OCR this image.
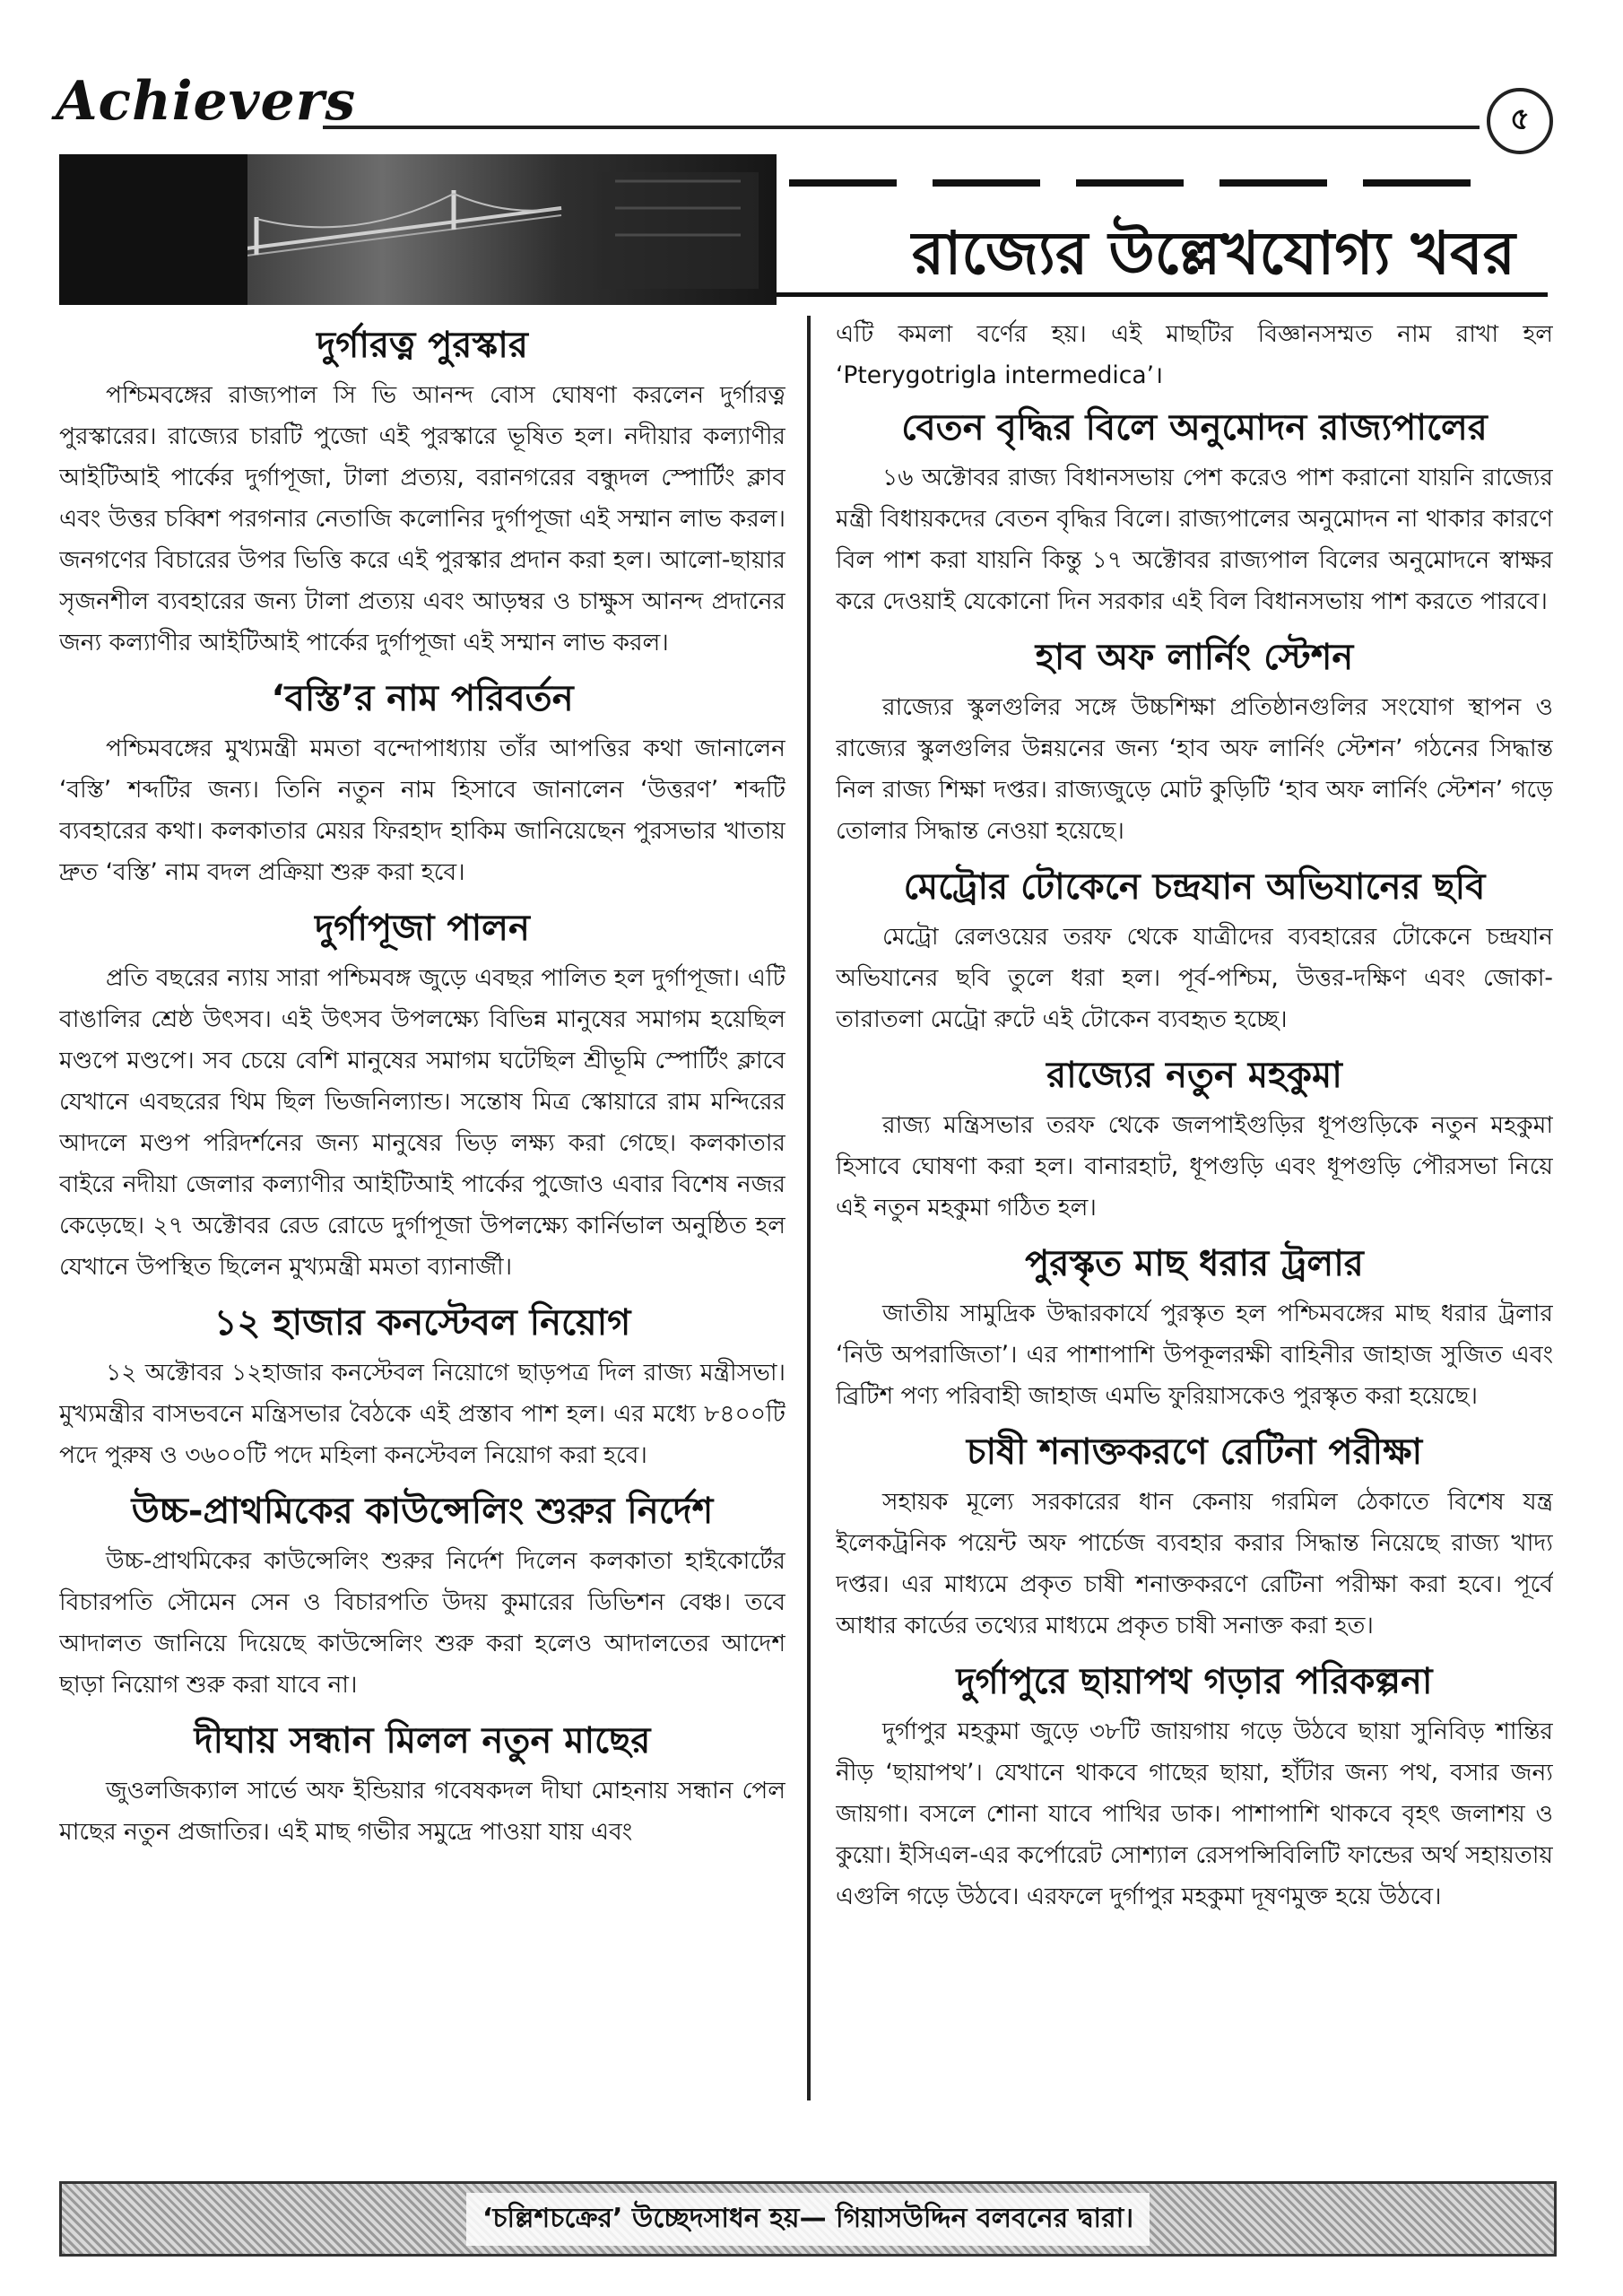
Achievers	৫
রাজ্যের উল্লেখযোগ্য খবর
দুর্গারত্ন পুরস্কার

পশ্চিমবঙ্গের রাজ্যপাল সি ভি আনন্দ বোস ঘোষণা করলেন দুর্গারত্ন পুরস্কারের। রাজ্যের চারটি পুজো এই পুরস্কারে ভূষিত হল। নদীয়ার কল্যাণীর আইটিআই পার্কের দুর্গাপূজা, টালা প্রত্যয়, বরানগরের বন্ধুদল স্পোর্টিং ক্লাব এবং উত্তর চব্বিশ পরগনার নেতাজি কলোনির দুর্গাপূজা এই সম্মান লাভ করল। জনগণের বিচারের উপর ভিত্তি করে এই পুরস্কার প্রদান করা হল। আলো-ছায়ার সৃজনশীল ব্যবহারের জন্য টালা প্রত্যয় এবং আড়ম্বর ও চাক্ষুস আনন্দ প্রদানের জন্য কল্যাণীর আইটিআই পার্কের দুর্গাপূজা এই সম্মান লাভ করল।

‘বস্তি’র নাম পরিবর্তন

পশ্চিমবঙ্গের মুখ্যমন্ত্রী মমতা বন্দোপাধ্যায় তাঁর আপত্তির কথা জানালেন ‘বস্তি’ শব্দটির জন্য। তিনি নতুন নাম হিসাবে জানালেন ‘উত্তরণ’ শব্দটি ব্যবহারের কথা। কলকাতার মেয়র ফিরহাদ হাকিম জানিয়েছেন পুরসভার খাতায় দ্রুত ‘বস্তি’ নাম বদল প্রক্রিয়া শুরু করা হবে।

দুর্গাপূজা পালন

প্রতি বছরের ন্যায় সারা পশ্চিমবঙ্গ জুড়ে এবছর পালিত হল দুর্গাপূজা। এটি বাঙালির শ্রেষ্ঠ উৎসব। এই উৎসব উপলক্ষ্যে বিভিন্ন মানুষের সমাগম হয়েছিল মণ্ডপে মণ্ডপে। সব চেয়ে বেশি মানুষের সমাগম ঘটেছিল শ্রীভূমি স্পোর্টিং ক্লাবে যেখানে এবছরের থিম ছিল ভিজনিল্যান্ড। সন্তোষ মিত্র স্কোয়ারে রাম মন্দিরের আদলে মণ্ডপ পরিদর্শনের জন্য মানুষের ভিড় লক্ষ্য করা গেছে। কলকাতার বাইরে নদীয়া জেলার কল্যাণীর আইটিআই পার্কের পুজোও এবার বিশেষ নজর কেড়েছে। ২৭ অক্টোবর রেড রোডে দুর্গাপূজা উপলক্ষ্যে কার্নিভাল অনুষ্ঠিত হল যেখানে উপস্থিত ছিলেন মুখ্যমন্ত্রী মমতা ব্যানার্জী।

১২ হাজার কনস্টেবল নিয়োগ

১২ অক্টোবর ১২হাজার কনস্টেবল নিয়োগে ছাড়পত্র দিল রাজ্য মন্ত্রীসভা। মুখ্যমন্ত্রীর বাসভবনে মন্ত্রিসভার বৈঠকে এই প্রস্তাব পাশ হল। এর মধ্যে ৮৪০০টি পদে পুরুষ ও ৩৬০০টি পদে মহিলা কনস্টেবল নিয়োগ করা হবে।

উচ্চ-প্রাথমিকের কাউন্সেলিং শুরুর নির্দেশ

উচ্চ-প্রাথমিকের কাউন্সেলিং শুরুর নির্দেশ দিলেন কলকাতা হাইকোর্টের বিচারপতি সৌমেন সেন ও বিচারপতি উদয় কুমারের ডিভিশন বেঞ্চ। তবে আদালত জানিয়ে দিয়েছে কাউন্সেলিং শুরু করা হলেও আদালতের আদেশ ছাড়া নিয়োগ শুরু করা যাবে না।

দীঘায় সন্ধান মিলল নতুন মাছের

জুওলজিক্যাল সার্ভে অফ ইন্ডিয়ার গবেষকদল দীঘা মোহনায় সন্ধান পেল মাছের নতুন প্রজাতির। এই মাছ গভীর সমুদ্রে পাওয়া যায় এবং

এটি কমলা বর্ণের হয়। এই মাছটির বিজ্ঞানসম্মত নাম রাখা হল ‘Pterygotrigla intermedica’।

বেতন বৃদ্ধির বিলে অনুমোদন রাজ্যপালের

১৬ অক্টোবর রাজ্য বিধানসভায় পেশ করেও পাশ করানো যায়নি রাজ্যের মন্ত্রী বিধায়কদের বেতন বৃদ্ধির বিলে। রাজ্যপালের অনুমোদন না থাকার কারণে বিল পাশ করা যায়নি কিন্তু ১৭ অক্টোবর রাজ্যপাল বিলের অনুমোদনে স্বাক্ষর করে দেওয়াই যেকোনো দিন সরকার এই বিল বিধানসভায় পাশ করতে পারবে।

হাব অফ লার্নিং স্টেশন

রাজ্যের স্কুলগুলির সঙ্গে উচ্চশিক্ষা প্রতিষ্ঠানগুলির সংযোগ স্থাপন ও রাজ্যের স্কুলগুলির উন্নয়নের জন্য ‘হাব অফ লার্নিং স্টেশন’ গঠনের সিদ্ধান্ত নিল রাজ্য শিক্ষা দপ্তর। রাজ্যজুড়ে মোট কুড়িটি ‘হাব অফ লার্নিং স্টেশন’ গড়ে তোলার সিদ্ধান্ত নেওয়া হয়েছে।

মেট্রোর টোকেনে চন্দ্রযান অভিযানের ছবি

মেট্রো রেলওয়ের তরফ থেকে যাত্রীদের ব্যবহারের টোকেনে চন্দ্রযান অভিযানের ছবি তুলে ধরা হল। পূর্ব-পশ্চিম, উত্তর-দক্ষিণ এবং জোকা-তারাতলা মেট্রো রুটে এই টোকেন ব্যবহৃত হচ্ছে।

রাজ্যের নতুন মহকুমা

রাজ্য মন্ত্রিসভার তরফ থেকে জলপাইগুড়ির ধূপগুড়িকে নতুন মহকুমা হিসাবে ঘোষণা করা হল। বানারহাট, ধূপগুড়ি এবং ধূপগুড়ি পৌরসভা নিয়ে এই নতুন মহকুমা গঠিত হল।

পুরস্কৃত মাছ ধরার ট্রলার

জাতীয় সামুদ্রিক উদ্ধারকার্যে পুরস্কৃত হল পশ্চিমবঙ্গের মাছ ধরার ট্রলার ‘নিউ অপরাজিতা’। এর পাশাপাশি উপকূলরক্ষী বাহিনীর জাহাজ সুজিত এবং ব্রিটিশ পণ্য পরিবাহী জাহাজ এমভি ফুরিয়াসকেও পুরস্কৃত করা হয়েছে।

চাষী শনাক্তকরণে রেটিনা পরীক্ষা

সহায়ক মূল্যে সরকারের ধান কেনায় গরমিল ঠেকাতে বিশেষ যন্ত্র ইলেকট্রনিক পয়েন্ট অফ পার্চেজ ব্যবহার করার সিদ্ধান্ত নিয়েছে রাজ্য খাদ্য দপ্তর। এর মাধ্যমে প্রকৃত চাষী শনাক্তকরণে রেটিনা পরীক্ষা করা হবে। পূর্বে আধার কার্ডের তথ্যের মাধ্যমে প্রকৃত চাষী সনাক্ত করা হত।

দুর্গাপুরে ছায়াপথ গড়ার পরিকল্পনা

দুর্গাপুর মহকুমা জুড়ে ৩৮টি জায়গায় গড়ে উঠবে ছায়া সুনিবিড় শান্তির নীড় ‘ছায়াপথ’। যেখানে থাকবে গাছের ছায়া, হাঁটার জন্য পথ, বসার জন্য জায়গা। বসলে শোনা যাবে পাখির ডাক। পাশাপাশি থাকবে বৃহৎ জলাশয় ও কুয়ো। ইসিএল-এর কর্পোরেট সোশ্যাল রেসপন্সিবিলিটি ফান্ডের অর্থ সহায়তায় এগুলি গড়ে উঠবে। এরফলে দুর্গাপুর মহকুমা দূষণমুক্ত হয়ে উঠবে।

‘চল্লিশচক্রের’ উচ্ছেদসাধন হয়— গিয়াসউদ্দিন বলবনের দ্বারা।
